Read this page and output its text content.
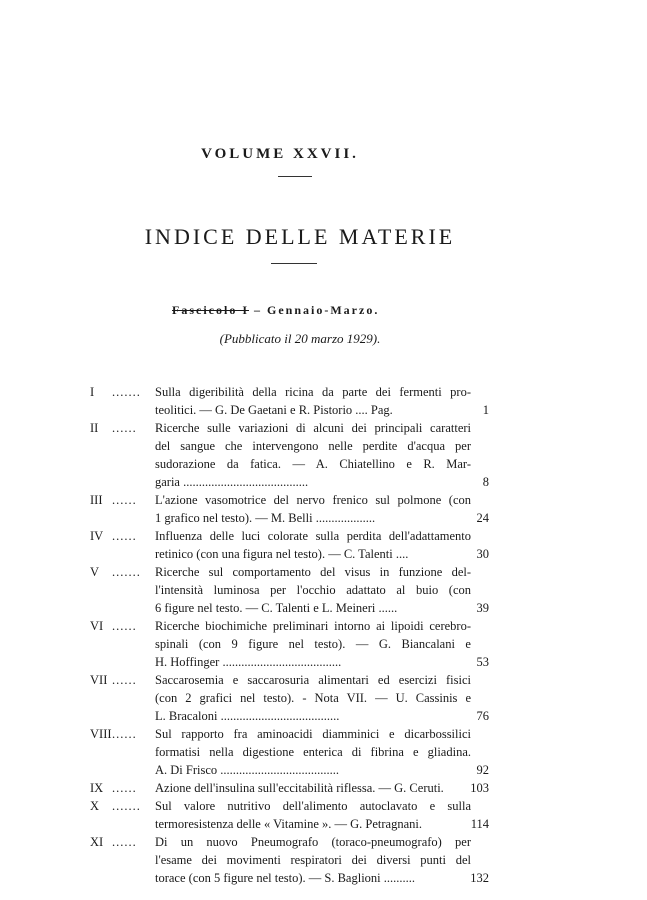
VOLUME XXVII.
INDICE DELLE MATERIE
Fascicolo I – Gennaio-Marzo.
(Pubblicato il 20 marzo 1929).
I ....... Sulla digeribilità della ricina da parte dei fermenti pro-
teolitici. — G. De Gaetani e R. Pistorio .... Pag.	1
II ...... Ricerche sulle variazioni di alcuni dei principali caratteri
del sangue che intervengono nelle perdite d'acqua per
sudorazione da fatica. — A. Chiatellino e R. Mar-
garia ........................................	8
III ...... L'azione vasomotrice del nervo frenico sul polmone (con
1 grafico nel testo). — M. Belli ...................	24
IV ...... Influenza delle luci colorate sulla perdita dell'adattamento
retinico (con una figura nel testo). — C. Talenti ....	30
V ....... Ricerche sul comportamento del visus in funzione del-
l'intensità luminosa per l'occhio adattato al buio (con
6 figure nel testo. — C. Talenti e L. Meineri ......	39
VI ...... Ricerche biochimiche preliminari intorno ai lipoidi cerebro-
spinali (con 9 figure nel testo). — G. Biancalani e
H. Hoffinger ......................................	53
VII ...... Saccarosemia e saccarosuria alimentari ed esercizi fisici
(con 2 grafici nel testo). - Nota VII. — U. Cassinis e
L. Bracaloni ......................................	76
VIII ...... Sul rapporto fra aminoacidi diamminici e dicarbossilici
formatisi nella digestione enterica di fibrina e gliadina.
A. Di Frisco ......................................	92
IX ...... Azione dell'insulina sull'eccitabilità riflessa. — G. Ceruti.	103
X ....... Sul valore nutritivo dell'alimento autoclavato e sulla
termoresistenza delle « Vitamine ». — G. Petragnani.	114
XI ...... Di un nuovo Pneumografo (toraco-pneumografo) per
l'esame dei movimenti respiratori dei diversi punti del
torace (con 5 figure nel testo). — S. Baglioni ..........	132
